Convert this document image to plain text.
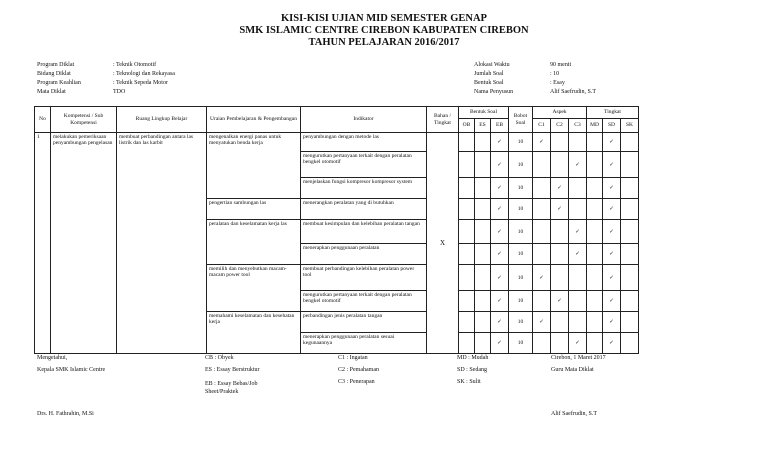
KISI-KISI UJIAN MID SEMESTER GENAP
SMK ISLAMIC CENTRE CIREBON KABUPATEN CIREBON
TAHUN PELAJARAN 2016/2017
Program Diklat	: Teknik Otomotif
Bidang Diklat	: Teknologi dan Rekayasa
Program Keahlian	: Teknik Sepeda Motor
Mata Diklat	TDO
Alokasi Waktu	90 menit
Jumlah Soal	: 10
Bentuk Soal	: Esay
Nama Penyusun	Alif Saefrudin, S.T
No	Kompetensi / Sub Kompetensi	Ruang Lingkup Belajar	Uraian Pembelajaran & Pengembangan	Indikator	Bahan / Tingkat	Bentuk Soal			Bobot Soal	Aspek			Tingkat		
						OB	ES	EB		C1	C2	C3	MD	SD	SK
1	melakukan pemeriksaan penyambungan pengelasan	membuat perbandingan antara las listrik dan las karbit	mengenalkan energi panas untuk menyatukan benda kerja	penyambungan dengan metode las	X			✓	10	✓				✓	
				mengurutkan pertanyaan terkait dengan peralatan bengkel otomotif				✓	10			✓		✓	
				menjelaskan fungsi kompresor kompresor system				✓	10		✓			✓	
			pengertian sambungan las	menerangkan peralatan yang di butuhkan				✓	10		✓			✓	
			peralatan dan keselamatan kerja las	membuat kesimpulan dan kelebihan peralatan tangan				✓	10			✓		✓	
				menerapkan penggunaan peralatan				✓	10			✓		✓	
			memilih dan menyebutkan macam-macam power tool	membuat perbandingan kelebihan peralatan power tool				✓	10	✓				✓	
				mengurutkan pertanyaan terkait dengan peralatan bengkel otomotif				✓	10		✓			✓	
			memahami keselamatan dan kesehatan kerja	perbandingan jenis peralatan tangan				✓	10	✓				✓	
				menerapkan penggunaan peralatan sesuai kegunaannya				✓	10			✓		✓	
Mengetahui,
Kepala SMK Islamic Centre
Drs. H. Fathrahin, M.Si
CB : Obyek
ES : Essay Berstruktur
EB : Essay Bebas/Job Sheet/Praktek
C1 : Ingatan
C2 : Pemahaman
C3 : Penerapan
MD : Mudah
SD : Sedang
SK : Sulit
Cirebon, 1 Maret 2017
Guru Mata Diklat
Alif Saefrudin, S.T
